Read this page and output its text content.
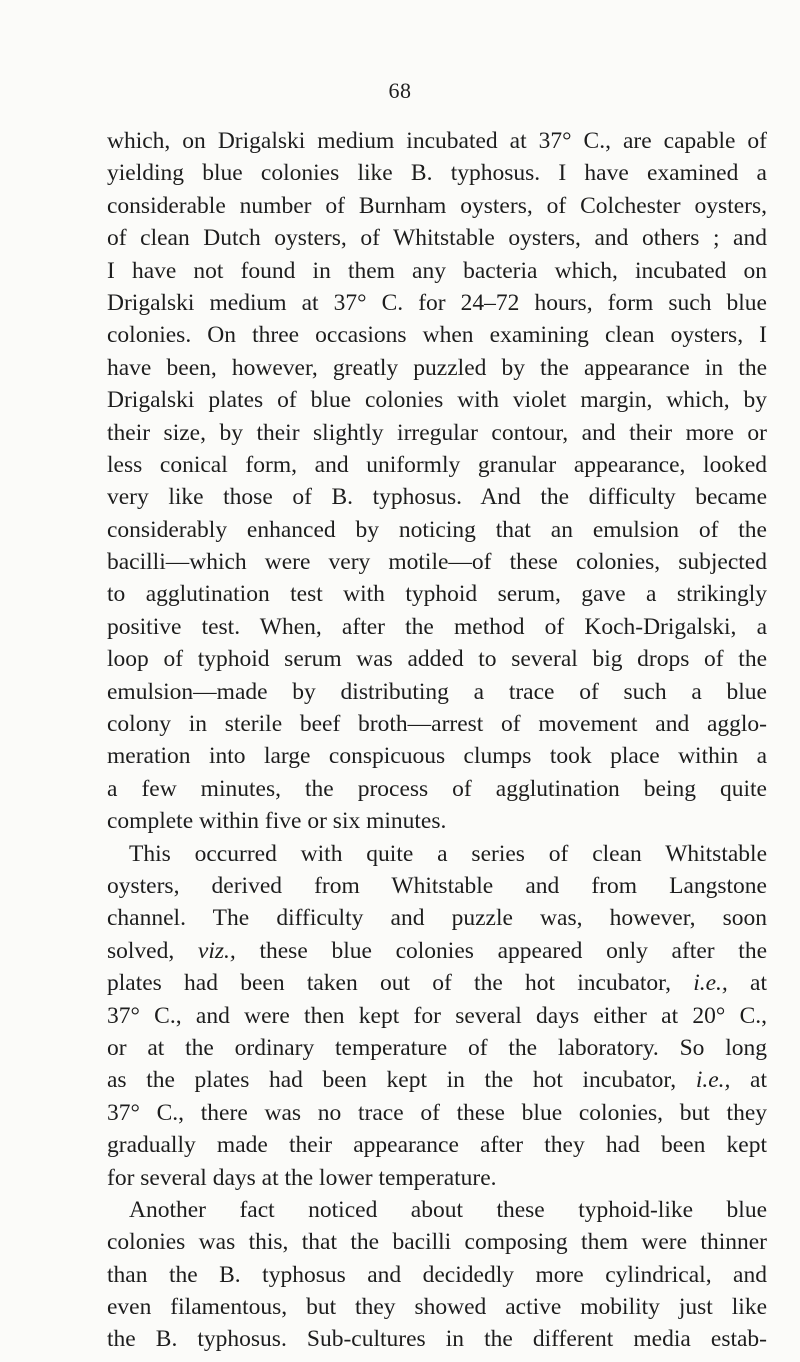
68
which, on Drigalski medium incubated at 37° C., are capable of
yielding blue colonies like B. typhosus. I have examined a
considerable number of Burnham oysters, of Colchester oysters,
of clean Dutch oysters, of Whitstable oysters, and others ; and
I have not found in them any bacteria which, incubated on
Drigalski medium at 37° C. for 24–72 hours, form such blue
colonies. On three occasions when examining clean oysters, I
have been, however, greatly puzzled by the appearance in the
Drigalski plates of blue colonies with violet margin, which, by
their size, by their slightly irregular contour, and their more or
less conical form, and uniformly granular appearance, looked
very like those of B. typhosus. And the difficulty became
considerably enhanced by noticing that an emulsion of the
bacilli—which were very motile—of these colonies, subjected
to agglutination test with typhoid serum, gave a strikingly
positive test. When, after the method of Koch-Drigalski, a
loop of typhoid serum was added to several big drops of the
emulsion—made by distributing a trace of such a blue
colony in sterile beef broth—arrest of movement and agglo-
meration into large conspicuous clumps took place within a
a few minutes, the process of agglutination being quite
complete within five or six minutes.
This occurred with quite a series of clean Whitstable
oysters, derived from Whitstable and from Langstone
channel. The difficulty and puzzle was, however, soon
solved, viz., these blue colonies appeared only after the
plates had been taken out of the hot incubator, i.e., at
37° C., and were then kept for several days either at 20° C.,
or at the ordinary temperature of the laboratory. So long
as the plates had been kept in the hot incubator, i.e., at
37° C., there was no trace of these blue colonies, but they
gradually made their appearance after they had been kept
for several days at the lower temperature.
Another fact noticed about these typhoid-like blue
colonies was this, that the bacilli composing them were thinner
than the B. typhosus and decidedly more cylindrical, and
even filamentous, but they showed active mobility just like
the B. typhosus. Sub-cultures in the different media estab-
